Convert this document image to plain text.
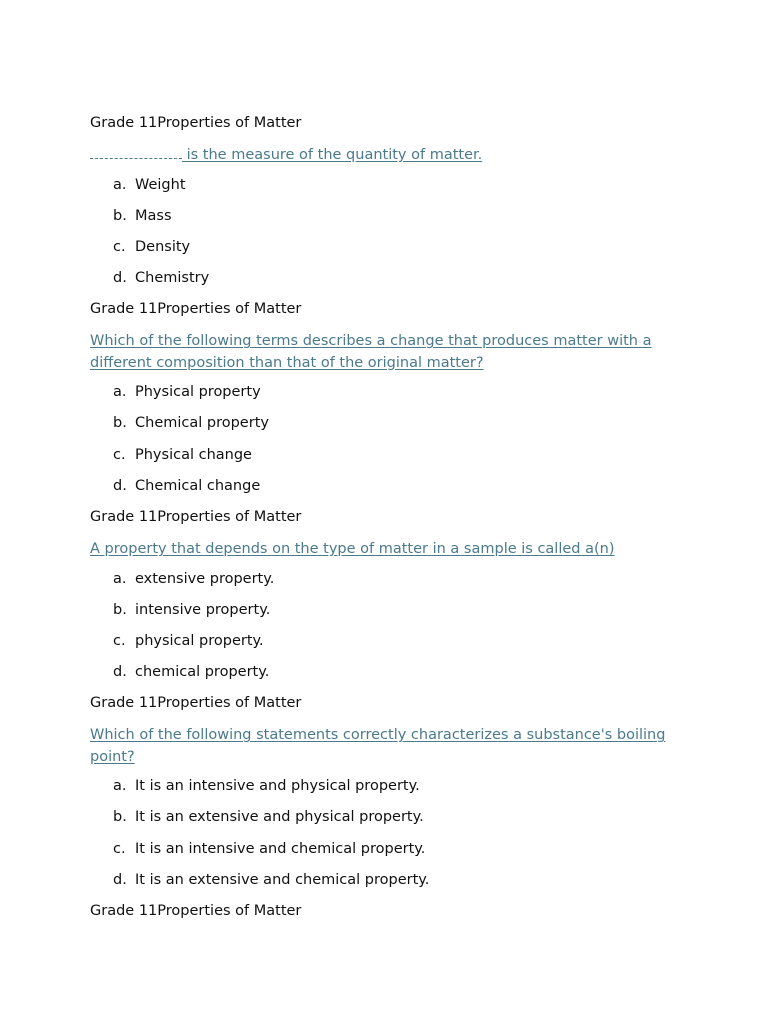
Grade 11Properties of Matter
is the measure of the quantity of matter.
a. Weight
b. Mass
c. Density
d. Chemistry
Grade 11Properties of Matter
Which of the following terms describes a change that produces matter with a different composition than that of the original matter?
a. Physical property
b. Chemical property
c. Physical change
d. Chemical change
Grade 11Properties of Matter
A property that depends on the type of matter in a sample is called a(n)
a. extensive property.
b. intensive property.
c. physical property.
d. chemical property.
Grade 11Properties of Matter
Which of the following statements correctly characterizes a substance's boiling point?
a. It is an intensive and physical property.
b. It is an extensive and physical property.
c. It is an intensive and chemical property.
d. It is an extensive and chemical property.
Grade 11Properties of Matter
